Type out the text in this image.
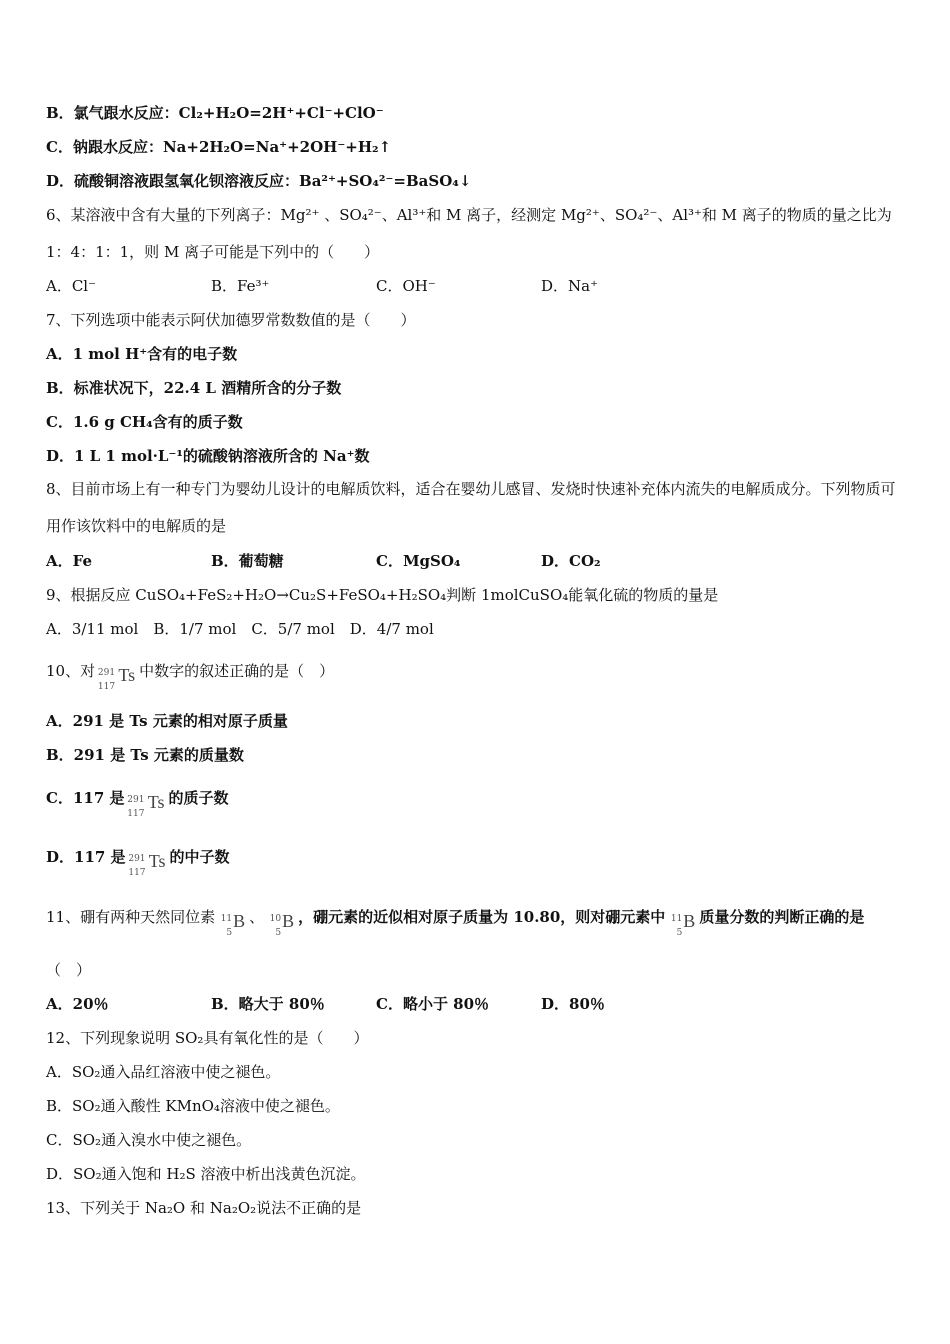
B．氯气跟水反应：Cl₂+H₂O=2H⁺+Cl⁻+ClO⁻
C．钠跟水反应：Na+2H₂O=Na⁺+2OH⁻+H₂↑
D．硫酸铜溶液跟氢氧化钡溶液反应：Ba²⁺+SO₄²⁻=BaSO₄↓
6、某溶液中含有大量的下列离子：Mg²⁺ 、SO₄²⁻、Al³⁺和 M 离子，经测定 Mg²⁺、SO₄²⁻、Al³⁺和 M 离子的物质的量之比为
1：4：1：1，则 M 离子可能是下列中的（　　）
A．Cl⁻	B．Fe³⁺	C．OH⁻	D．Na⁺
7、下列选项中能表示阿伏加德罗常数数值的是（　　）
A．1 mol H⁺含有的电子数
B．标准状况下，22.4 L 酒精所含的分子数
C．1.6 g CH₄含有的质子数
D．1 L 1 mol·L⁻¹的硫酸钠溶液所含的 Na⁺数
8、目前市场上有一种专门为婴幼儿设计的电解质饮料，适合在婴幼儿感冒、发烧时快速补充体内流失的电解质成分。下列物质可用作该饮料中的电解质的是
A．Fe	B．葡萄糖	C．MgSO₄	D．CO₂
9、根据反应 CuSO₄+FeS₂+H₂O→Cu₂S+FeSO₄+H₂SO₄判断 1molCuSO₄能氧化硫的物质的量是
A．3/11 mol　B．1/7 mol　C．5/7 mol　D．4/7 mol
10、对 291
117
Ts 中数字的叙述正确的是（　）
A．291 是 Ts 元素的相对原子质量
B．291 是 Ts 元素的质量数
C．117 是 291
117
Ts 的质子数
D．117 是 291
117
Ts 的中子数
11、硼有两种天然同位素 11
5
B 、 10
5
B ，硼元素的近似相对原子质量为 10.80，则对硼元素中 11
5
B 质量分数的判断正确的是
（　）
A．20％	B．略大于 80％	C．略小于 80％	D．80％
12、下列现象说明 SO₂具有氧化性的是（　　）
A．SO₂通入品红溶液中使之褪色。
B．SO₂通入酸性 KMnO₄溶液中使之褪色。
C．SO₂通入溴水中使之褪色。
D．SO₂通入饱和 H₂S 溶液中析出浅黄色沉淀。
13、下列关于 Na₂O 和 Na₂O₂说法不正确的是
